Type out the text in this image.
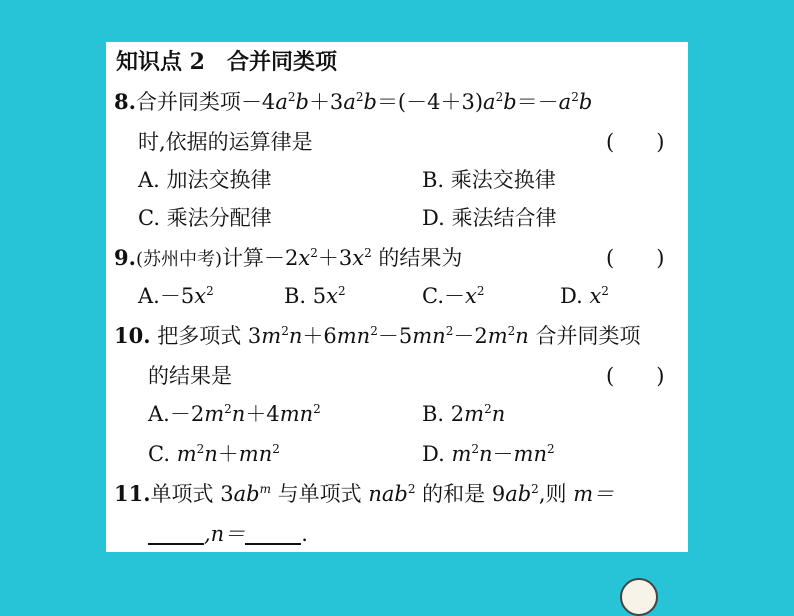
知识点 2　合并同类项
8.合并同类项$-4a^2b+3a^2b=(-4+3)a^2b=-a^2b$
时,依据的运算律是	(　　)
A. 加法交换律	B. 乘法交换律
C. 乘法分配律	D. 乘法结合律
9.(苏州中考)计算$-2x^2+3x^2$ 的结果为	(　　)
$A.-5x^2$	B. $5x^2$	$C.-x^2$	D. $x^2$
10. 把多项式 $3m^2n+6mn^2-5mn^2-2m^2n$ 合并同类项
的结果是	(　　)
$A.-2m^2n+4mn^2$	B. $2m^2n$
C. $m^2n+mn^2$	D. $m^2n-mn^2$
11.单项式 $3ab^m$ 与单项式 nab$^2$ 的和是 $9ab^2$,则 m＝
,n＝	.
